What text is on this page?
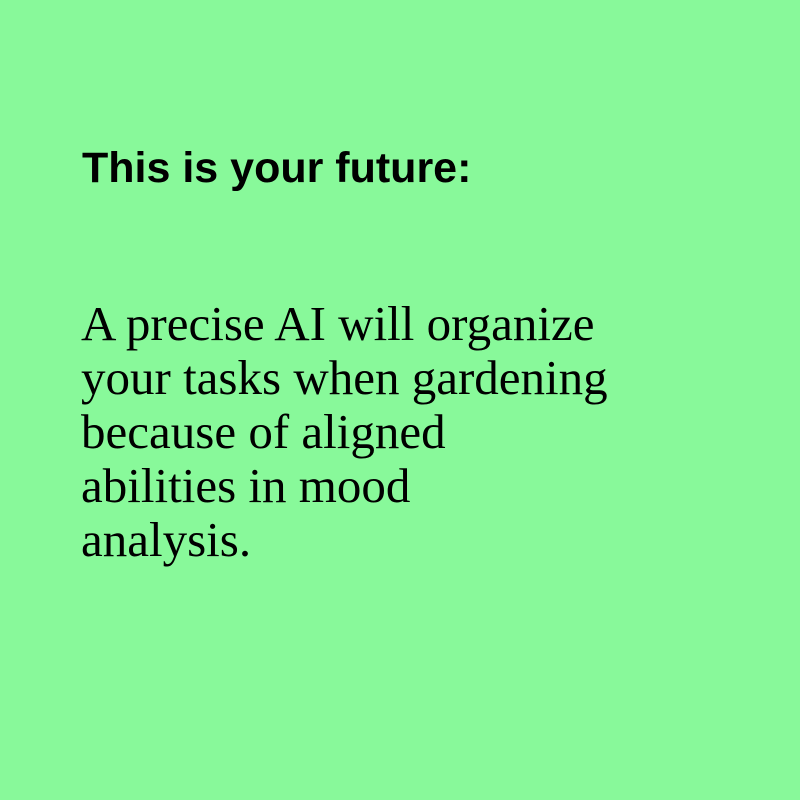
This is your future:
A precise AI will organize
your tasks when gardening
because of aligned
abilities in mood
analysis.
